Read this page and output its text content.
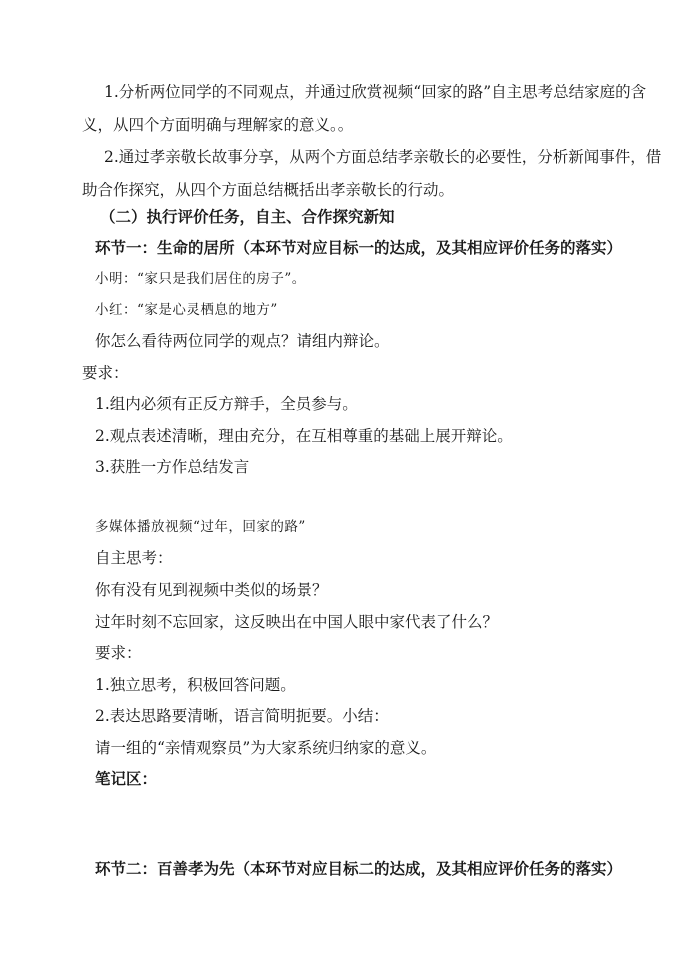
1.分析两位同学的不同观点，并通过欣赏视频“回家的路”自主思考总结家庭的含

义，从四个方面明确与理解家的意义。。

2.通过孝亲敬长故事分享，从两个方面总结孝亲敬长的必要性，分析新闻事件，借

助合作探究，从四个方面总结概括出孝亲敬长的行动。

（二）执行评价任务，自主、合作探究新知

环节一：生命的居所（本环节对应目标一的达成，及其相应评价任务的落实）

小明：“家只是我们居住的房子”。

小红：“家是心灵栖息的地方”

你怎么看待两位同学的观点？请组内辩论。

要求：

1.组内必须有正反方辩手，全员参与。

2.观点表述清晰，理由充分，在互相尊重的基础上展开辩论。

3.获胜一方作总结发言

多媒体播放视频“过年，回家的路”

自主思考：

你有没有见到视频中类似的场景？

过年时刻不忘回家，这反映出在中国人眼中家代表了什么？

要求：

1.独立思考，积极回答问题。

2.表达思路要清晰，语言简明扼要。小结：

请一组的“亲情观察员”为大家系统归纳家的意义。

笔记区：

环节二：百善孝为先（本环节对应目标二的达成，及其相应评价任务的落实）
